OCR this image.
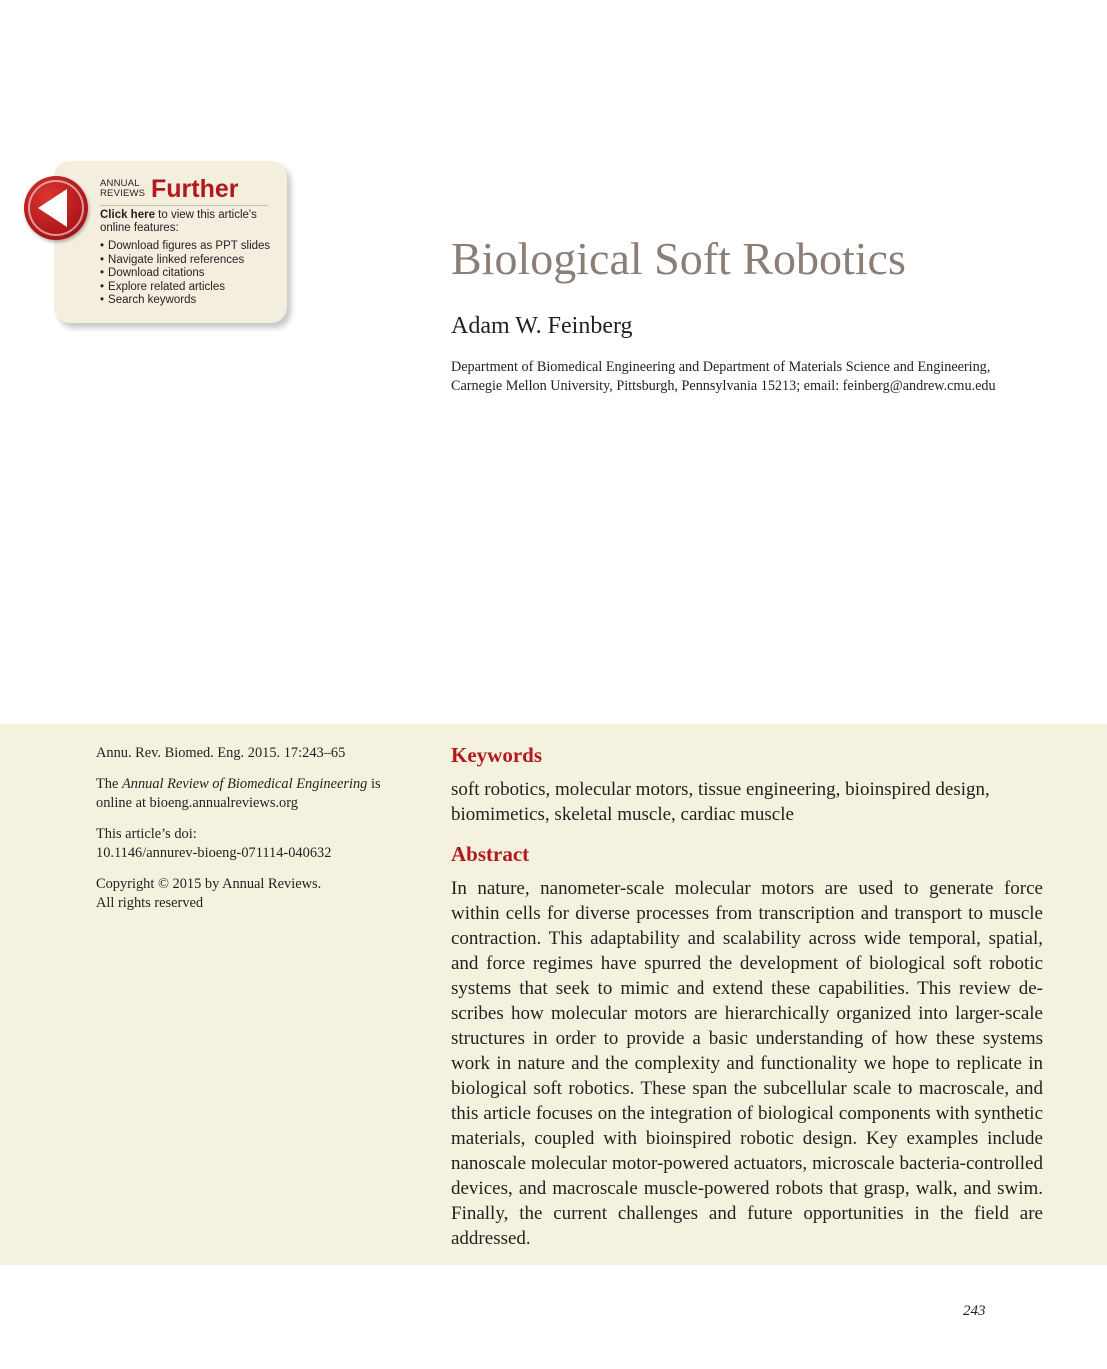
ANNUAL
REVIEWS Further
Click here to view this article's online features:
• Download figures as PPT slides
• Navigate linked references
• Download citations
• Explore related articles
• Search keywords
Biological Soft Robotics
Adam W. Feinberg
Department of Biomedical Engineering and Department of Materials Science and Engineering,
Carnegie Mellon University, Pittsburgh, Pennsylvania 15213; email: feinberg@andrew.cmu.edu

Annu. Rev. Biomed. Eng. 2015. 17:243–65

The Annual Review of Biomedical Engineering is online at bioeng.annualreviews.org

This article’s doi:
10.1146/annurev-bioeng-071114-040632

Copyright © 2015 by Annual Reviews.
All rights reserved

Keywords
soft robotics, molecular motors, tissue engineering, bioinspired design, biomimetics, skeletal muscle, cardiac muscle
Abstract
In nature, nanometer-scale molecular motors are used to generate force within cells for diverse processes from transcription and transport to muscle contraction. This adaptability and scalability across wide temporal, spatial, and force regimes have spurred the development of biological soft robotic systems that seek to mimic and extend these capabilities. This review describes how molecular motors are hierarchically organized into larger-scale structures in order to provide a basic understanding of how these systems work in nature and the complexity and functionality we hope to replicate in biological soft robotics. These span the subcellular scale to macroscale, and this article focuses on the integration of biological components with synthetic materials, coupled with bioinspired robotic design. Key examples include nanoscale molecular motor-powered actuators, microscale bacteria-controlled devices, and macroscale muscle-powered robots that grasp, walk, and swim. Finally, the current challenges and future opportunities in the field are addressed.
243
